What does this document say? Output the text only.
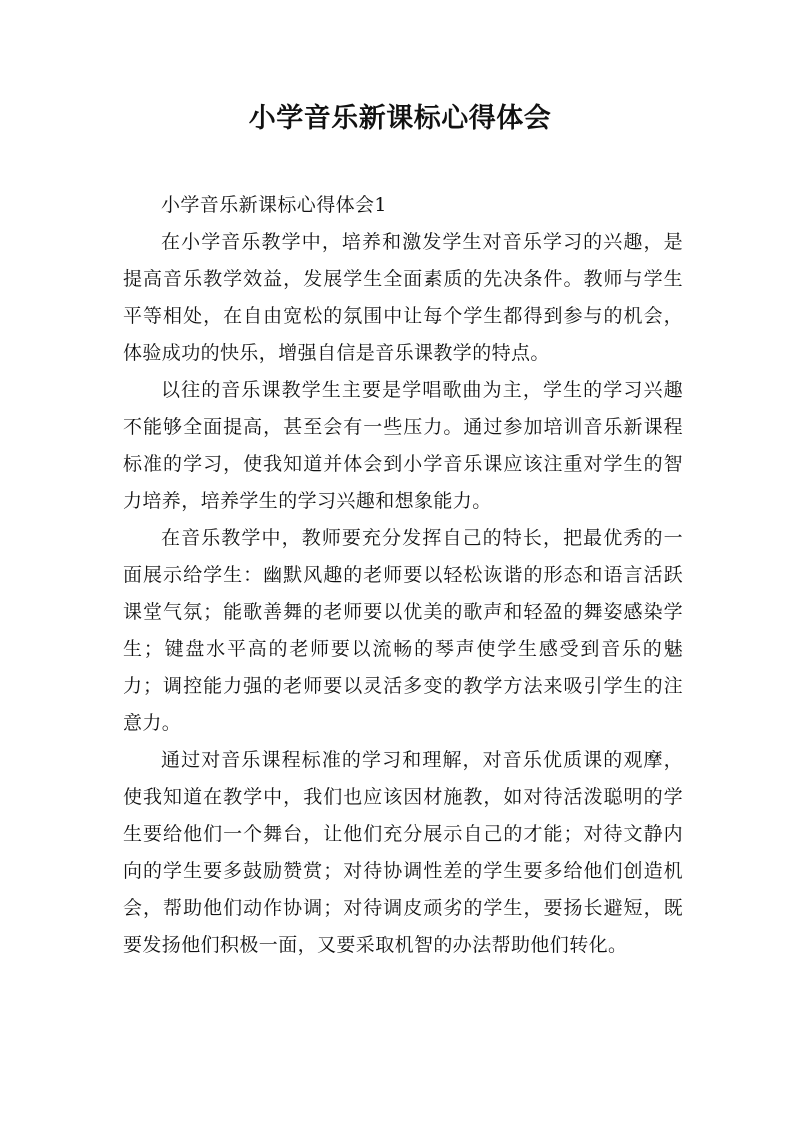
小学音乐新课标心得体会

小学音乐新课标心得体会1

在小学音乐教学中，培养和激发学生对音乐学习的兴趣，是提高音乐教学效益，发展学生全面素质的先决条件。教师与学生平等相处，在自由宽松的氛围中让每个学生都得到参与的机会，体验成功的快乐，增强自信是音乐课教学的特点。

以往的音乐课教学生主要是学唱歌曲为主，学生的学习兴趣不能够全面提高，甚至会有一些压力。通过参加培训音乐新课程标准的学习，使我知道并体会到小学音乐课应该注重对学生的智力培养，培养学生的学习兴趣和想象能力。

在音乐教学中，教师要充分发挥自己的特长，把最优秀的一面展示给学生：幽默风趣的老师要以轻松诙谐的形态和语言活跃课堂气氛；能歌善舞的老师要以优美的歌声和轻盈的舞姿感染学生；键盘水平高的老师要以流畅的琴声使学生感受到音乐的魅力；调控能力强的老师要以灵活多变的教学方法来吸引学生的注意力。

通过对音乐课程标准的学习和理解，对音乐优质课的观摩，使我知道在教学中，我们也应该因材施教，如对待活泼聪明的学生要给他们一个舞台，让他们充分展示自己的才能；对待文静内向的学生要多鼓励赞赏；对待协调性差的学生要多给他们创造机会，帮助他们动作协调；对待调皮顽劣的学生，要扬长避短，既要发扬他们积极一面，又要采取机智的办法帮助他们转化。
